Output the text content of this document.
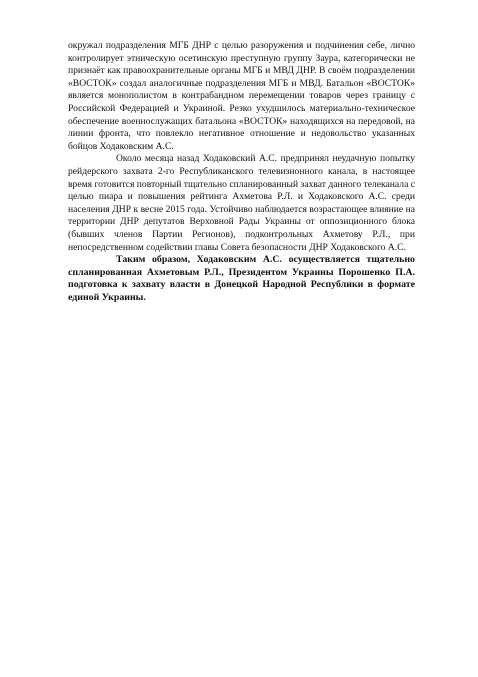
окружал подразделения МГБ ДНР с целью разоружения и подчинения себе, лично контролирует этническую осетинскую преступную группу Заура, категорически не признаёт как правоохранительные органы МГБ и МВД ДНР. В своём подразделении «ВОСТОК» создал аналогичные подразделения МГБ и МВД. Батальон «ВОСТОК» является монополистом в контрабандном перемещении товаров через границу с Российской Федерацией и Украиной. Резко ухудшилось материально-техническое обеспечение военнослужащих батальона «ВОСТОК» находящихся на передовой, на линии фронта, что повлекло негативное отношение и недовольство указанных бойцов Ходаковским А.С.

Около месяца назад Ходаковский А.С. предпринял неудачную попытку рейдерского захвата 2-го Республиканского телевизионного канала, в настоящее время готовится повторный тщательно спланированный захват данного телеканала с целью пиара и повышения рейтинга Ахметова Р.Л. и Ходаковского А.С. среди населения ДНР к весне 2015 года. Устойчиво наблюдается возрастающее влияние на территории ДНР депутатов Верховной Рады Украины от оппозиционного блока (бывших членов Партии Регионов), подконтрольных Ахметову Р.Л., при непосредственном содействии главы Совета безопасности ДНР Ходаковского А.С.

Таким образом, Ходаковским А.С. осуществляется тщательно спланированная Ахметовым Р.Л., Президентом Украины Порошенко П.А. подготовка к захвату власти в Донецкой Народной Республики в формате единой Украины.
